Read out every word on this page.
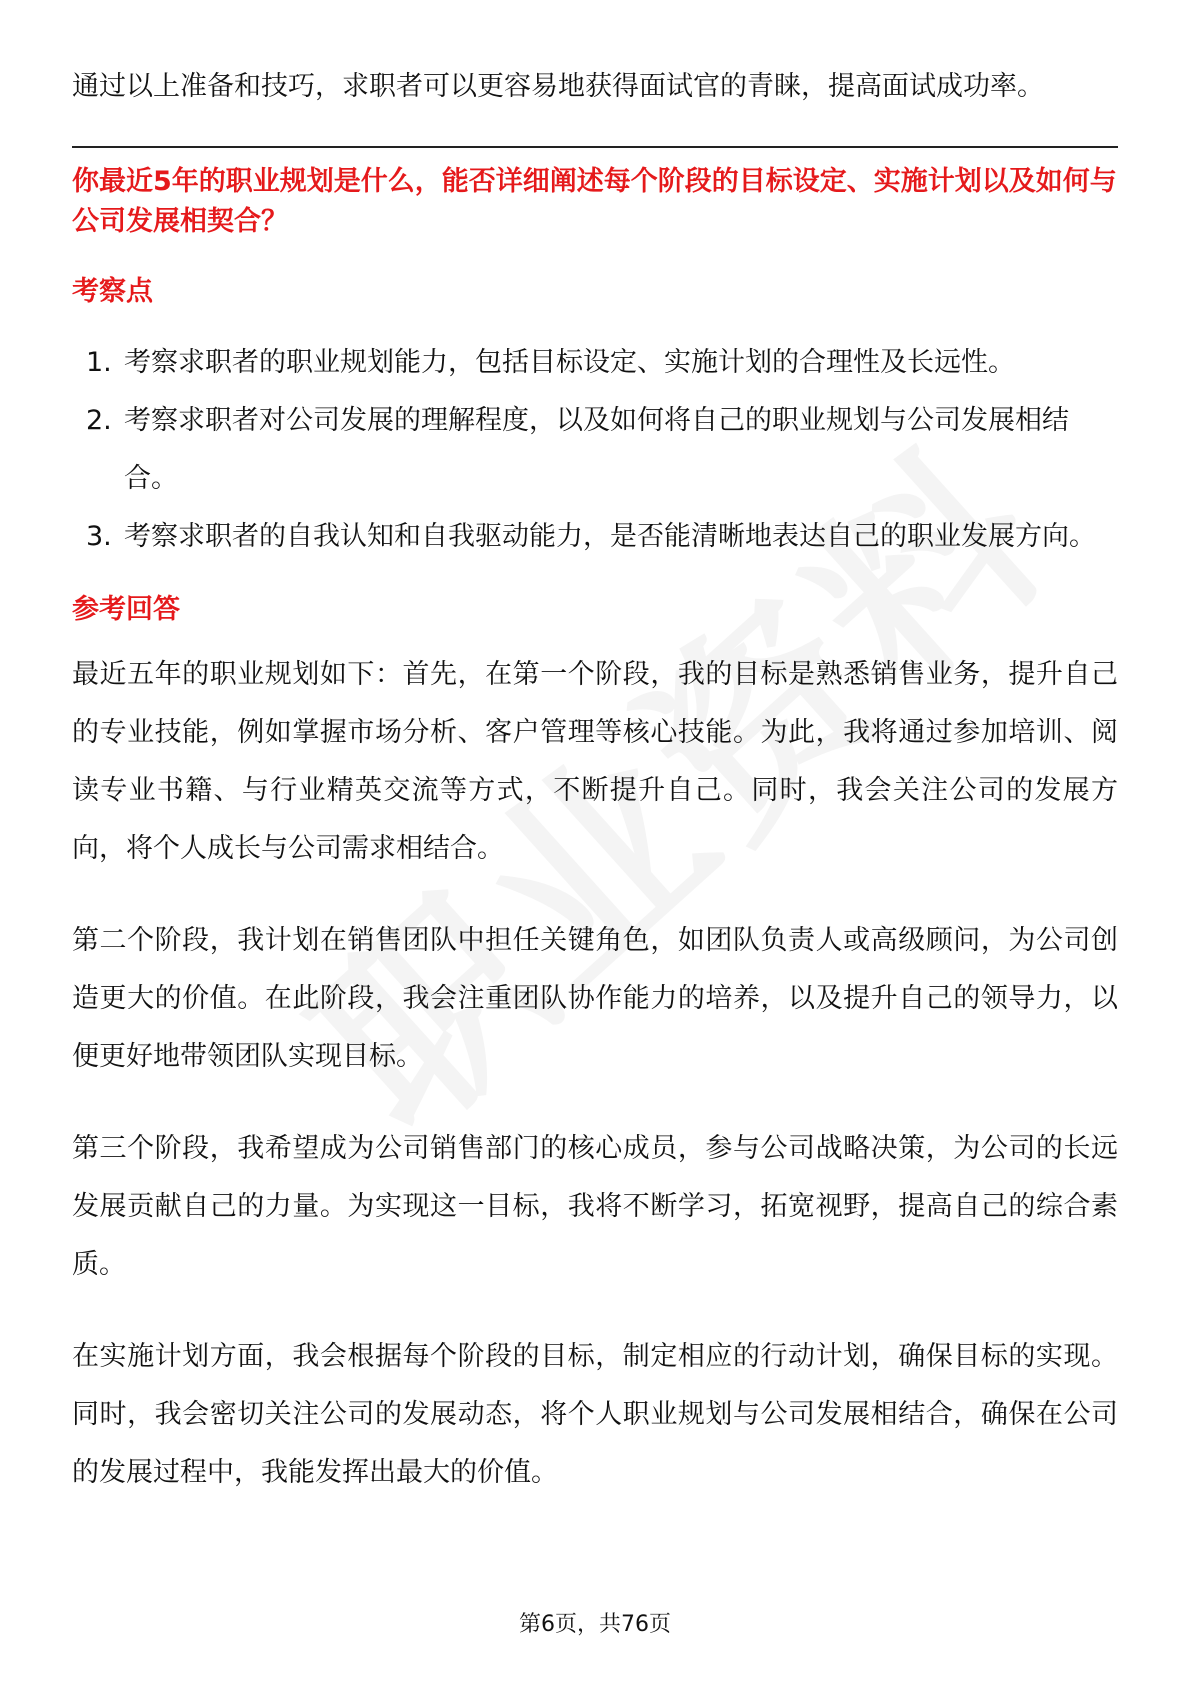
通过以上准备和技巧，求职者可以更容易地获得面试官的青睐，提高面试成功率。

你最近5年的职业规划是什么，能否详细阐述每个阶段的目标设定、实施计划以及如何与公司发展相契合？

考察点
1. 考察求职者的职业规划能力，包括目标设定、实施计划的合理性及长远性。
2. 考察求职者对公司发展的理解程度，以及如何将自己的职业规划与公司发展相结合。
3. 考察求职者的自我认知和自我驱动能力，是否能清晰地表达自己的职业发展方向。
参考回答

最近五年的职业规划如下：首先，在第一个阶段，我的目标是熟悉销售业务，提升自己的专业技能，例如掌握市场分析、客户管理等核心技能。为此，我将通过参加培训、阅读专业书籍、与行业精英交流等方式，不断提升自己。同时，我会关注公司的发展方向，将个人成长与公司需求相结合。

第二个阶段，我计划在销售团队中担任关键角色，如团队负责人或高级顾问，为公司创造更大的价值。在此阶段，我会注重团队协作能力的培养，以及提升自己的领导力，以便更好地带领团队实现目标。

第三个阶段，我希望成为公司销售部门的核心成员，参与公司战略决策，为公司的长远发展贡献自己的力量。为实现这一目标，我将不断学习，拓宽视野，提高自己的综合素质。

在实施计划方面，我会根据每个阶段的目标，制定相应的行动计划，确保目标的实现。同时，我会密切关注公司的发展动态，将个人职业规划与公司发展相结合，确保在公司的发展过程中，我能发挥出最大的价值。

第6页，共76页
